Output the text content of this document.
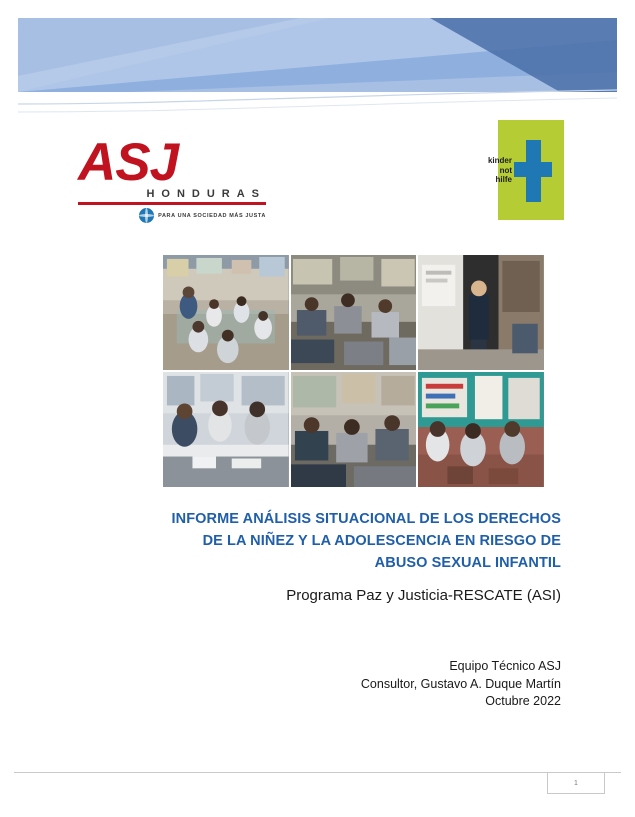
ASJ
HONDURAS
PARA UNA SOCIEDAD MÁS JUSTA
kinder
not
hilfe
INFORME ANÁLISIS SITUACIONAL DE LOS DERECHOS
DE LA NIÑEZ Y LA ADOLESCENCIA EN RIESGO DE
ABUSO SEXUAL INFANTIL
Programa Paz y Justicia-RESCATE (ASI)
Equipo Técnico ASJ
Consultor, Gustavo A. Duque Martín
Octubre 2022
1
